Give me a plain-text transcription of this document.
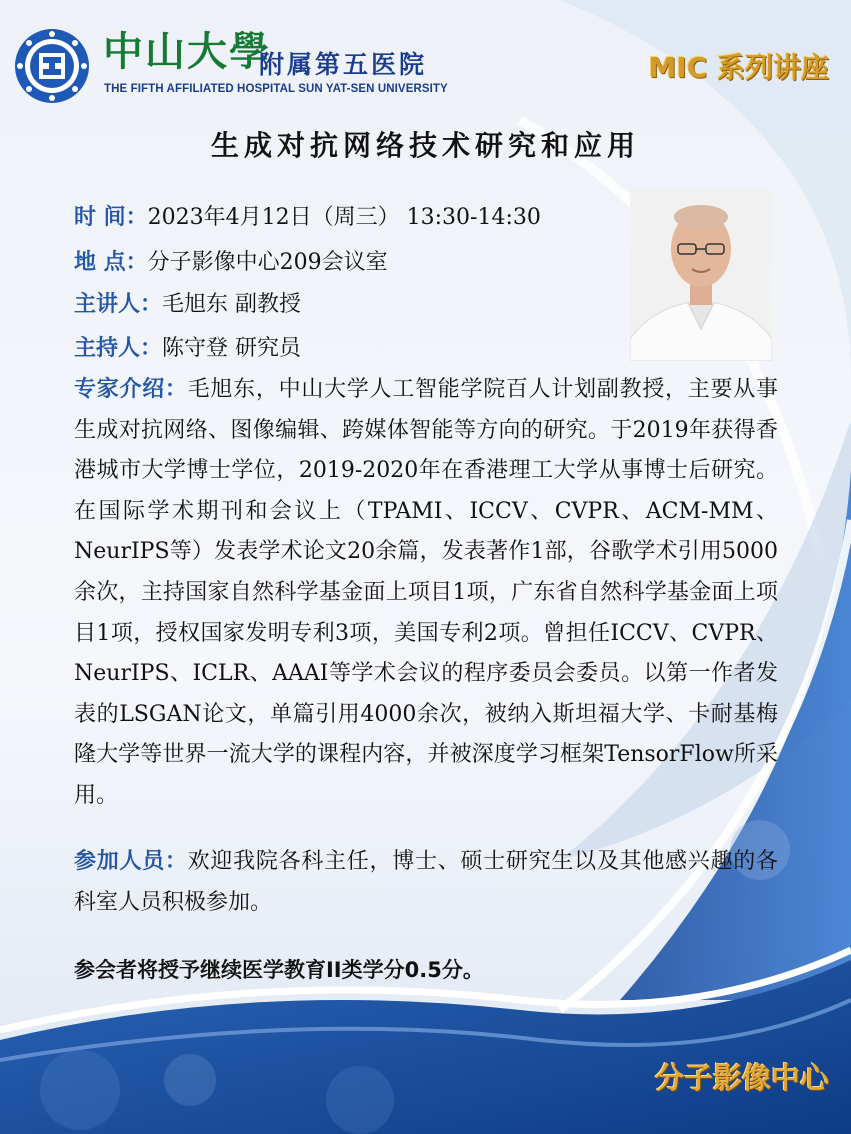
中山大學
附属第五医院
THE FIFTH AFFILIATED HOSPITAL SUN YAT-SEN UNIVERSITY
MIC 系列讲座
生成对抗网络技术研究和应用
时 间：2023年4月12日（周三） 13:30-14:30
地 点：分子影像中心209会议室
主讲人：毛旭东 副教授
主持人：陈守登 研究员
专家介绍：毛旭东，中山大学人工智能学院百人计划副教授，主要从事生成对抗网络、图像编辑、跨媒体智能等方向的研究。于2019年获得香港城市大学博士学位，2019-2020年在香港理工大学从事博士后研究。在国际学术期刊和会议上（TPAMI、ICCV、CVPR、ACM-MM、NeurIPS等）发表学术论文20余篇，发表著作1部，谷歌学术引用5000余次，主持国家自然科学基金面上项目1项，广东省自然科学基金面上项目1项，授权国家发明专利3项，美国专利2项。曾担任ICCV、CVPR、NeurIPS、ICLR、AAAI等学术会议的程序委员会委员。以第一作者发表的LSGAN论文，单篇引用4000余次，被纳入斯坦福大学、卡耐基梅隆大学等世界一流大学的课程内容，并被深度学习框架TensorFlow所采用。
参加人员：欢迎我院各科主任，博士、硕士研究生以及其他感兴趣的各科室人员积极参加。
参会者将授予继续医学教育II类学分0.5分。
分子影像中心
